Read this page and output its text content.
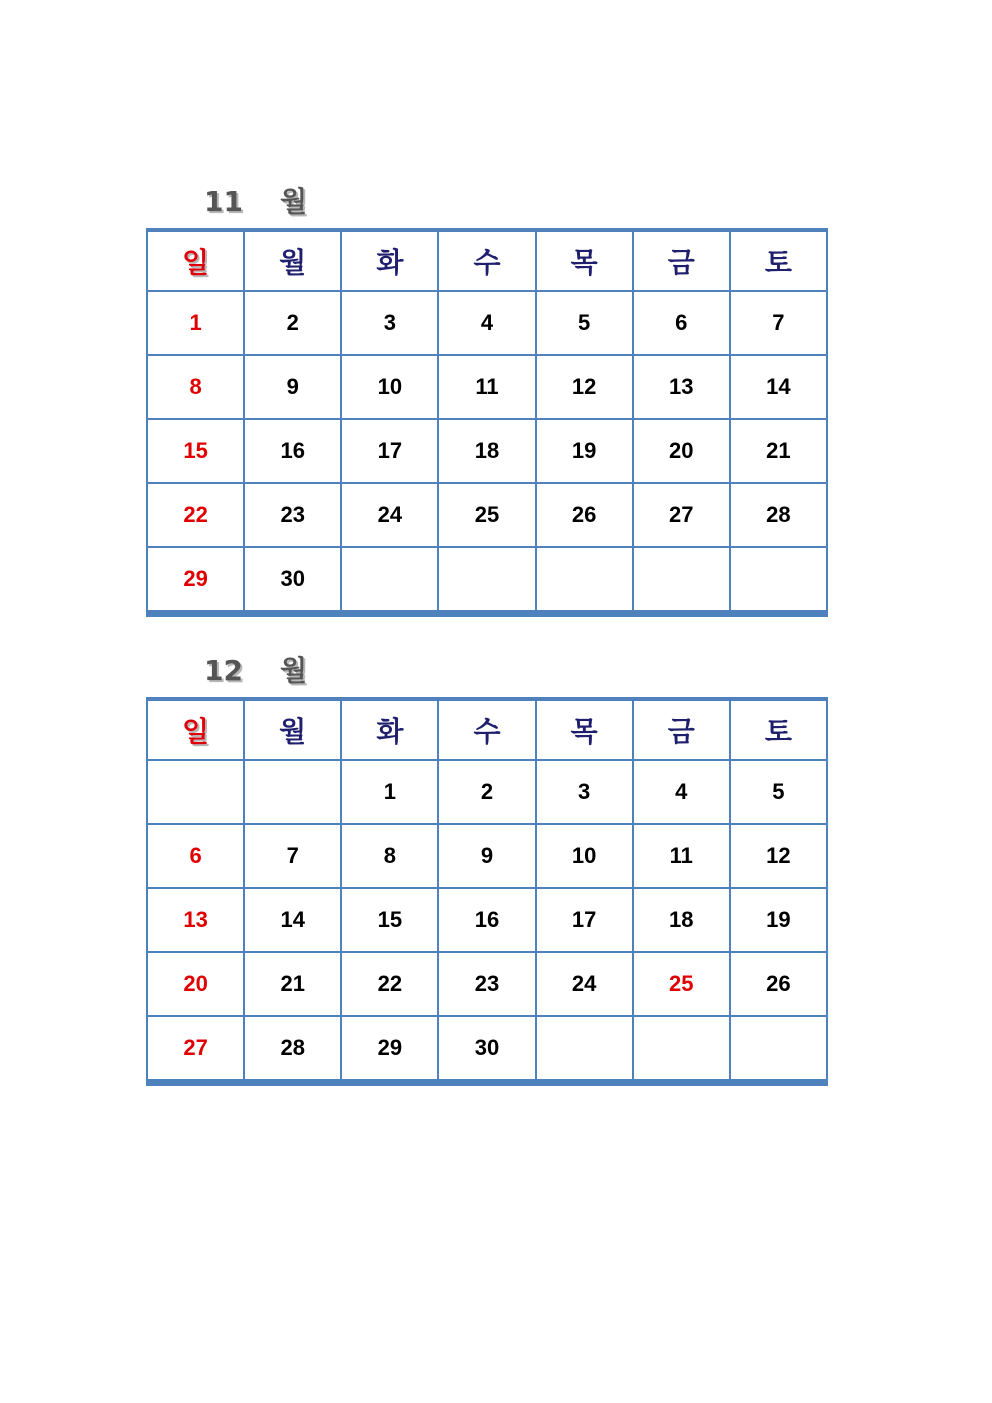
11 월
일	월	화	수	목	금	토
1	2	3	4	5	6	7
8	9	10	11	12	13	14
15	16	17	18	19	20	21
22	23	24	25	26	27	28
29	30					
12 월
일	월	화	수	목	금	토
		1	2	3	4	5
6	7	8	9	10	11	12
13	14	15	16	17	18	19
20	21	22	23	24	25	26
27	28	29	30			
